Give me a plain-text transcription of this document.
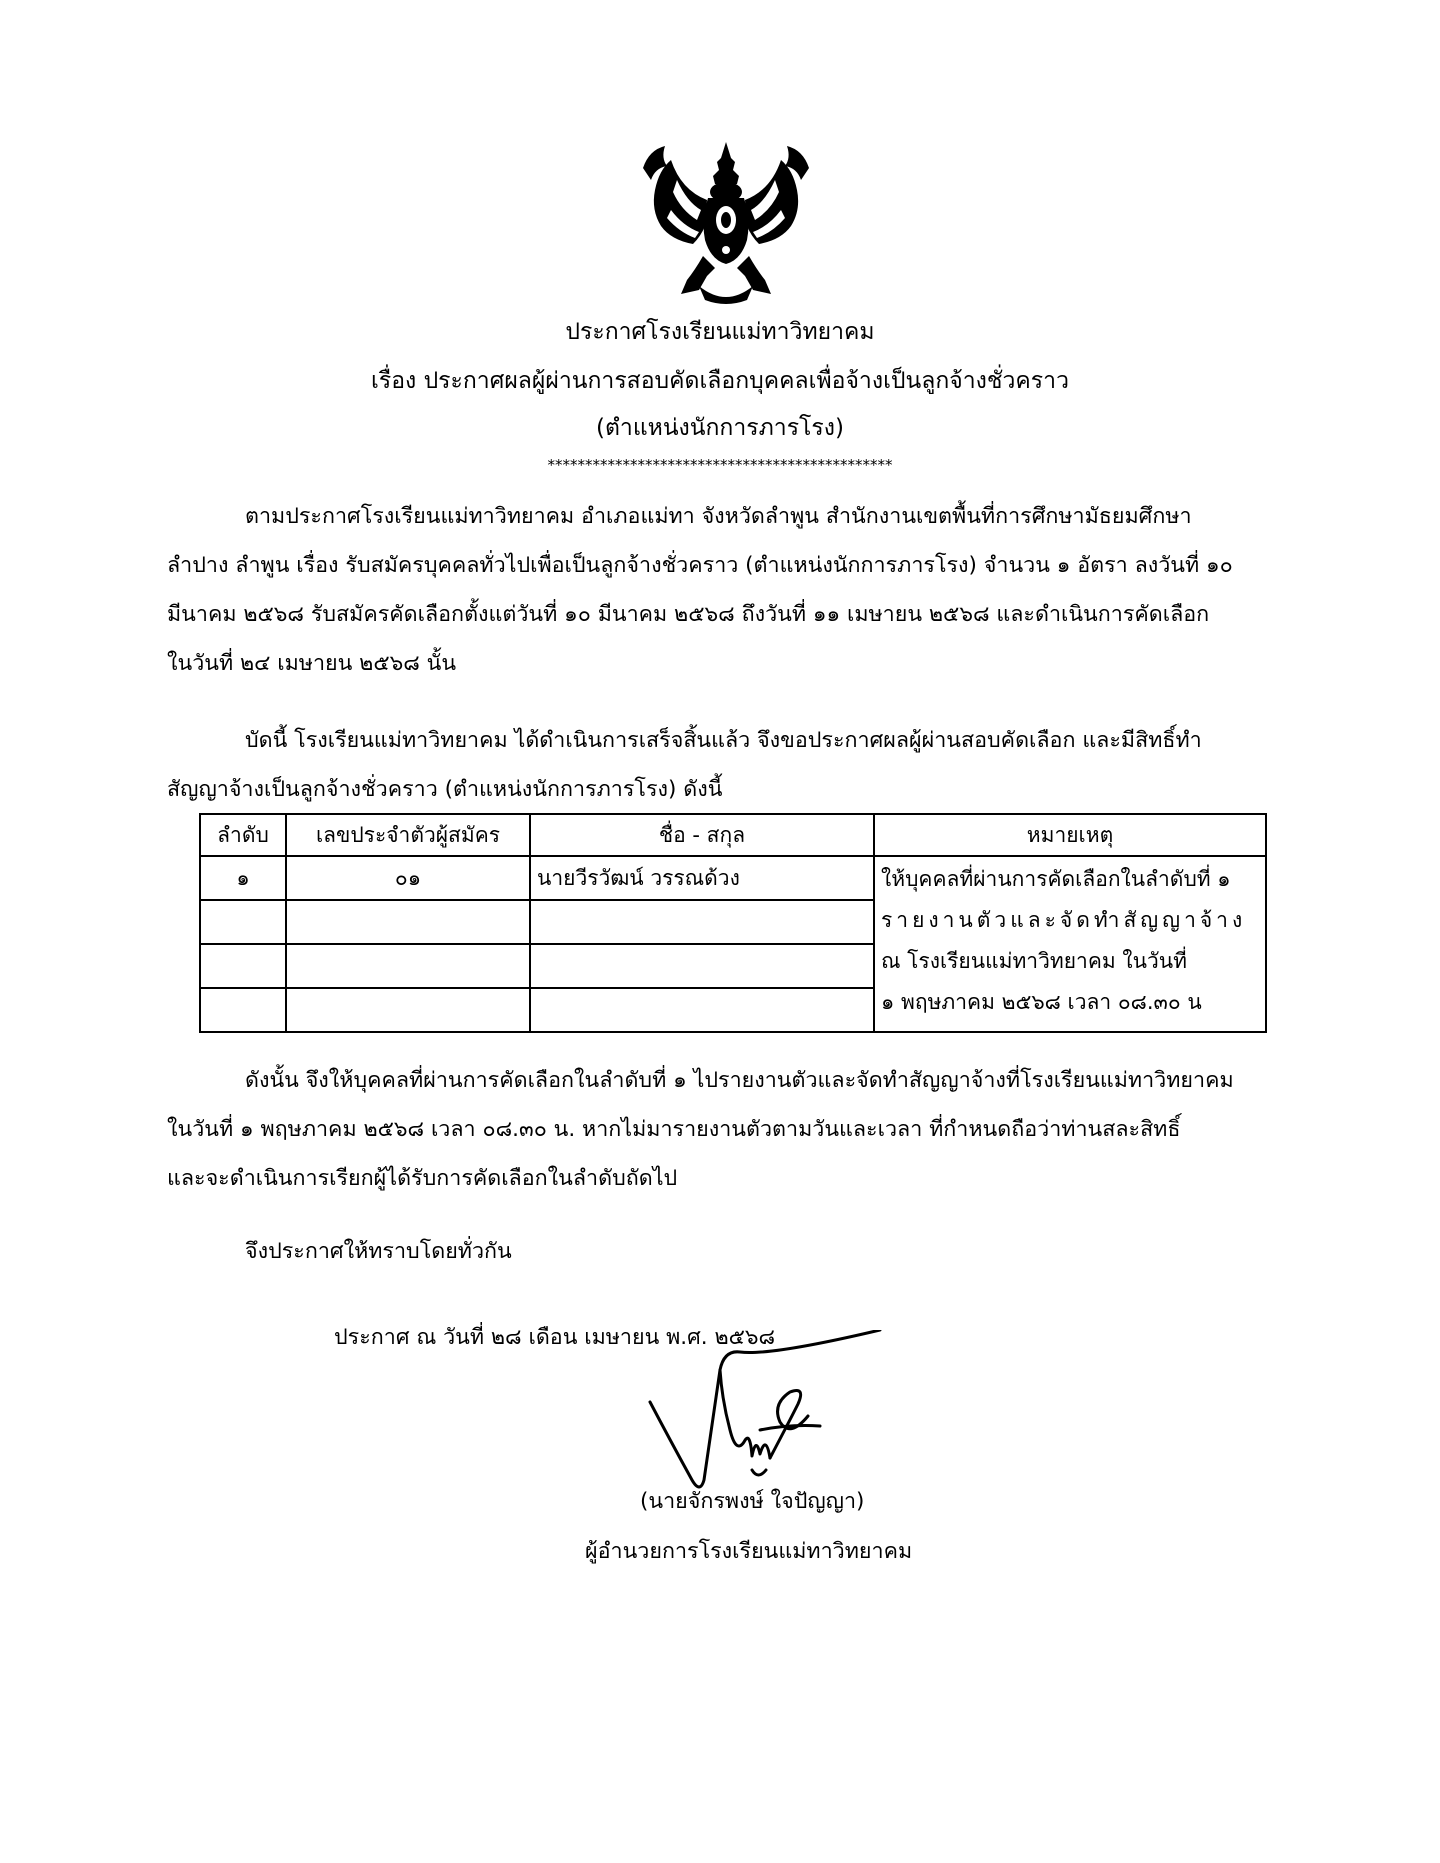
ประกาศโรงเรียนแม่ทาวิทยาคม
เรื่อง ประกาศผลผู้ผ่านการสอบคัดเลือกบุคคลเพื่อจ้างเป็นลูกจ้างชั่วคราว
(ตำแหน่งนักการภารโรง)
**********************************************
ตามประกาศโรงเรียนแม่ทาวิทยาคม อำเภอแม่ทา จังหวัดลำพูน สำนักงานเขตพื้นที่การศึกษามัธยมศึกษา
ลำปาง ลำพูน เรื่อง รับสมัครบุคคลทั่วไปเพื่อเป็นลูกจ้างชั่วคราว (ตำแหน่งนักการภารโรง) จำนวน ๑ อัตรา ลงวันที่ ๑๐
มีนาคม ๒๕๖๘ รับสมัครคัดเลือกตั้งแต่วันที่ ๑๐ มีนาคม ๒๕๖๘ ถึงวันที่ ๑๑ เมษายน ๒๕๖๘ และดำเนินการคัดเลือก
ในวันที่ ๒๔ เมษายน ๒๕๖๘ นั้น
บัดนี้ โรงเรียนแม่ทาวิทยาคม ได้ดำเนินการเสร็จสิ้นแล้ว จึงขอประกาศผลผู้ผ่านสอบคัดเลือก และมีสิทธิ์ทำ
สัญญาจ้างเป็นลูกจ้างชั่วคราว (ตำแหน่งนักการภารโรง) ดังนี้
ลำดับ	เลขประจำตัวผู้สมัคร	ชื่อ - สกุล	หมายเหตุ
๑	๐๑	นายวีรวัฒน์ วรรณด้วง	ให้บุคคลที่ผ่านการคัดเลือกในลำดับที่ ๑
รายงานตัวและจัดทำสัญญาจ้าง
ณ โรงเรียนแม่ทาวิทยาคม ในวันที่
๑ พฤษภาคม ๒๕๖๘ เวลา ๐๘.๓๐ น

ดังนั้น จึงให้บุคคลที่ผ่านการคัดเลือกในลำดับที่ ๑ ไปรายงานตัวและจัดทำสัญญาจ้างที่โรงเรียนแม่ทาวิทยาคม
ในวันที่ ๑ พฤษภาคม ๒๕๖๘ เวลา ๐๘.๓๐ น. หากไม่มารายงานตัวตามวันและเวลา ที่กำหนดถือว่าท่านสละสิทธิ์
และจะดำเนินการเรียกผู้ได้รับการคัดเลือกในลำดับถัดไป
จึงประกาศให้ทราบโดยทั่วกัน
ประกาศ ณ วันที่ ๒๘ เดือน เมษายน พ.ศ. ๒๕๖๘
(นายจักรพงษ์ ใจปัญญา)
ผู้อำนวยการโรงเรียนแม่ทาวิทยาคม
